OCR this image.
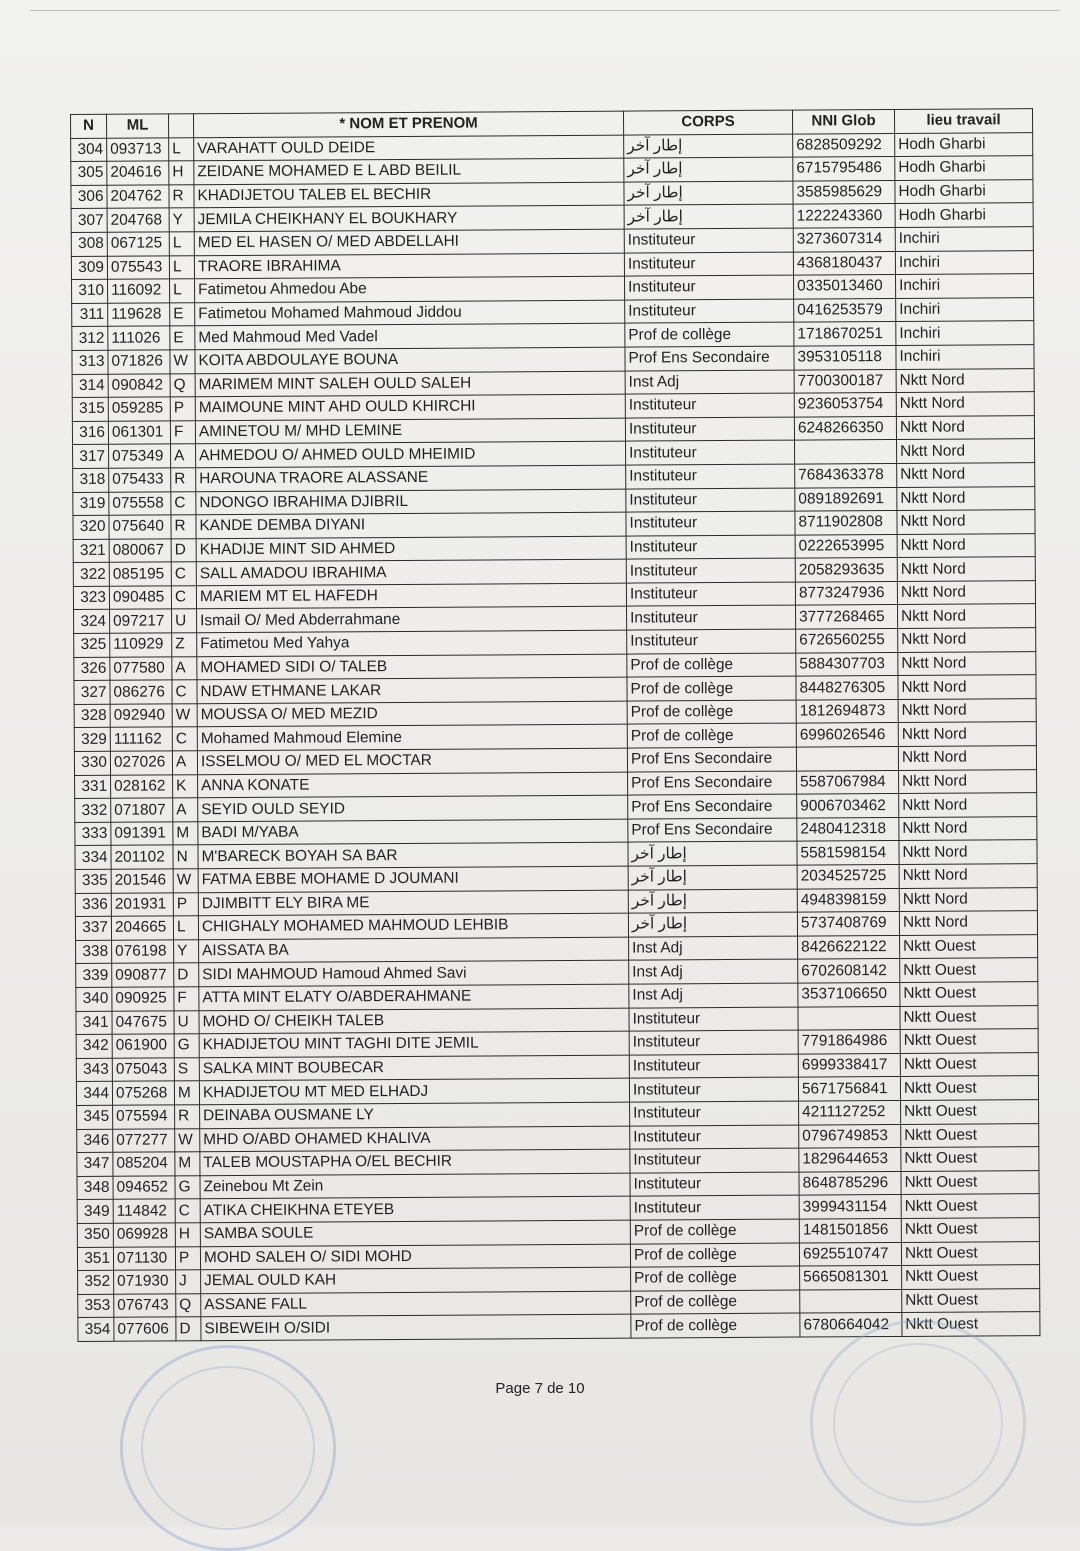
N	ML		* NOM ET PRENOM	CORPS	NNI Glob	lieu travail
304	093713	L	VARAHATT OULD DEIDE	إطار آخر	6828509292	Hodh Gharbi
305	204616	H	ZEIDANE MOHAMED E L ABD BEILIL	إطار آخر	6715795486	Hodh Gharbi
306	204762	R	KHADIJETOU TALEB EL BECHIR	إطار آخر	3585985629	Hodh Gharbi
307	204768	Y	JEMILA CHEIKHANY EL BOUKHARY	إطار آخر	1222243360	Hodh Gharbi
308	067125	L	MED EL HASEN O/ MED ABDELLAHI	Instituteur	3273607314	Inchiri
309	075543	L	TRAORE IBRAHIMA	Instituteur	4368180437	Inchiri
310	116092	L	Fatimetou Ahmedou Abe	Instituteur	0335013460	Inchiri
311	119628	E	Fatimetou Mohamed Mahmoud Jiddou	Instituteur	0416253579	Inchiri
312	111026	E	Med Mahmoud Med Vadel	Prof de collège	1718670251	Inchiri
313	071826	W	KOITA ABDOULAYE BOUNA	Prof Ens Secondaire	3953105118	Inchiri
314	090842	Q	MARIMEM MINT SALEH OULD SALEH	Inst Adj	7700300187	Nktt Nord
315	059285	P	MAIMOUNE MINT AHD OULD KHIRCHI	Instituteur	9236053754	Nktt Nord
316	061301	F	AMINETOU M/ MHD LEMINE	Instituteur	6248266350	Nktt Nord
317	075349	A	AHMEDOU O/ AHMED OULD MHEIMID	Instituteur		Nktt Nord
318	075433	R	HAROUNA TRAORE ALASSANE	Instituteur	7684363378	Nktt Nord
319	075558	C	NDONGO IBRAHIMA DJIBRIL	Instituteur	0891892691	Nktt Nord
320	075640	R	KANDE DEMBA DIYANI	Instituteur	8711902808	Nktt Nord
321	080067	D	KHADIJE MINT SID AHMED	Instituteur	0222653995	Nktt Nord
322	085195	C	SALL AMADOU IBRAHIMA	Instituteur	2058293635	Nktt Nord
323	090485	C	MARIEM MT EL HAFEDH	Instituteur	8773247936	Nktt Nord
324	097217	U	Ismail O/ Med Abderrahmane	Instituteur	3777268465	Nktt Nord
325	110929	Z	Fatimetou Med Yahya	Instituteur	6726560255	Nktt Nord
326	077580	A	MOHAMED SIDI O/ TALEB	Prof de collège	5884307703	Nktt Nord
327	086276	C	NDAW ETHMANE LAKAR	Prof de collège	8448276305	Nktt Nord
328	092940	W	MOUSSA O/ MED MEZID	Prof de collège	1812694873	Nktt Nord
329	111162	C	Mohamed Mahmoud Elemine	Prof de collège	6996026546	Nktt Nord
330	027026	A	ISSELMOU O/ MED EL MOCTAR	Prof Ens Secondaire		Nktt Nord
331	028162	K	ANNA KONATE	Prof Ens Secondaire	5587067984	Nktt Nord
332	071807	A	SEYID OULD SEYID	Prof Ens Secondaire	9006703462	Nktt Nord
333	091391	M	BADI M/YABA	Prof Ens Secondaire	2480412318	Nktt Nord
334	201102	N	M'BARECK BOYAH SA BAR	إطار آخر	5581598154	Nktt Nord
335	201546	W	FATMA EBBE MOHAME D JOUMANI	إطار آخر	2034525725	Nktt Nord
336	201931	P	DJIMBITT ELY BIRA ME	إطار آخر	4948398159	Nktt Nord
337	204665	L	CHIGHALY MOHAMED MAHMOUD LEHBIB	إطار آخر	5737408769	Nktt Nord
338	076198	Y	AISSATA BA	Inst Adj	8426622122	Nktt Ouest
339	090877	D	SIDI MAHMOUD Hamoud Ahmed Savi	Inst Adj	6702608142	Nktt Ouest
340	090925	F	ATTA MINT ELATY O/ABDERAHMANE	Inst Adj	3537106650	Nktt Ouest
341	047675	U	MOHD O/ CHEIKH TALEB	Instituteur		Nktt Ouest
342	061900	G	KHADIJETOU MINT TAGHI DITE JEMIL	Instituteur	7791864986	Nktt Ouest
343	075043	S	SALKA MINT BOUBECAR	Instituteur	6999338417	Nktt Ouest
344	075268	M	KHADIJETOU MT MED ELHADJ	Instituteur	5671756841	Nktt Ouest
345	075594	R	DEINABA OUSMANE LY	Instituteur	4211127252	Nktt Ouest
346	077277	W	MHD O/ABD OHAMED KHALIVA	Instituteur	0796749853	Nktt Ouest
347	085204	M	TALEB MOUSTAPHA O/EL BECHIR	Instituteur	1829644653	Nktt Ouest
348	094652	G	Zeinebou Mt Zein	Instituteur	8648785296	Nktt Ouest
349	114842	C	ATIKA CHEIKHNA ETEYEB	Instituteur	3999431154	Nktt Ouest
350	069928	H	SAMBA SOULE	Prof de collège	1481501856	Nktt Ouest
351	071130	P	MOHD SALEH O/ SIDI MOHD	Prof de collège	6925510747	Nktt Ouest
352	071930	J	JEMAL OULD KAH	Prof de collège	5665081301	Nktt Ouest
353	076743	Q	ASSANE FALL	Prof de collège		Nktt Ouest
354	077606	D	SIBEWEIH O/SIDI	Prof de collège	6780664042	Nktt Ouest
Page 7 de 10
